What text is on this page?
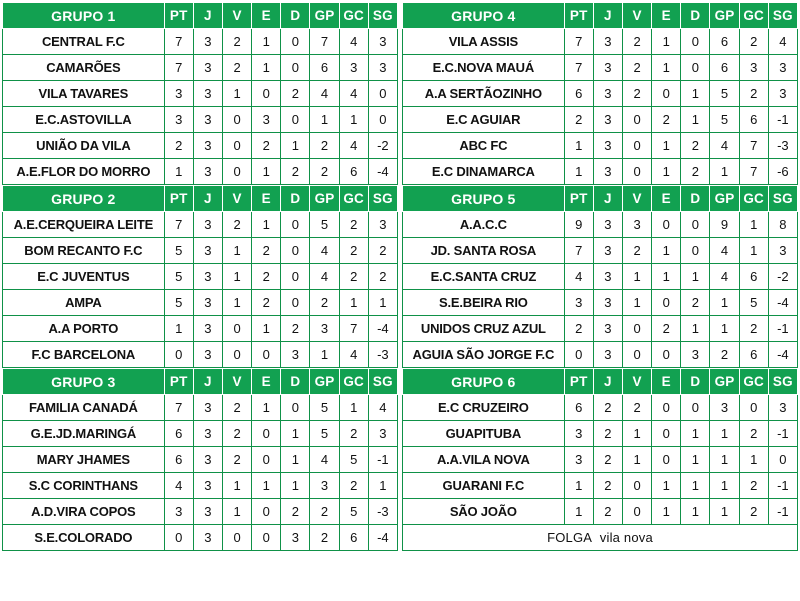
GRUPO 1	PT	J	V	E	D	GP	GC	SG
CENTRAL F.C	7	3	2	1	0	7	4	3
CAMARÕES	7	3	2	1	0	6	3	3
VILA TAVARES	3	3	1	0	2	4	4	0
E.C.ASTOVILLA	3	3	0	3	0	1	1	0
UNIÃO DA VILA	2	3	0	2	1	2	4	-2
A.E.FLOR DO MORRO	1	3	0	1	2	2	6	-4
GRUPO 2	PT	J	V	E	D	GP	GC	SG
A.E.CERQUEIRA LEITE	7	3	2	1	0	5	2	3
BOM RECANTO F.C	5	3	1	2	0	4	2	2
E.C JUVENTUS	5	3	1	2	0	4	2	2
AMPA	5	3	1	2	0	2	1	1
A.A PORTO	1	3	0	1	2	3	7	-4
F.C BARCELONA	0	3	0	0	3	1	4	-3
GRUPO 3	PT	J	V	E	D	GP	GC	SG
FAMILIA CANADÁ	7	3	2	1	0	5	1	4
G.E.JD.MARINGÁ	6	3	2	0	1	5	2	3
MARY JHAMES	6	3	2	0	1	4	5	-1
S.C CORINTHANS	4	3	1	1	1	3	2	1
A.D.VIRA COPOS	3	3	1	0	2	2	5	-3
S.E.COLORADO	0	3	0	0	3	2	6	-4
GRUPO 4	PT	J	V	E	D	GP	GC	SG
VILA ASSIS	7	3	2	1	0	6	2	4
E.C.NOVA MAUÁ	7	3	2	1	0	6	3	3
A.A SERTÃOZINHO	6	3	2	0	1	5	2	3
E.C AGUIAR	2	3	0	2	1	5	6	-1
ABC FC	1	3	0	1	2	4	7	-3
E.C DINAMARCA	1	3	0	1	2	1	7	-6
GRUPO 5	PT	J	V	E	D	GP	GC	SG
A.A.C.C	9	3	3	0	0	9	1	8
JD. SANTA ROSA	7	3	2	1	0	4	1	3
E.C.SANTA CRUZ	4	3	1	1	1	4	6	-2
S.E.BEIRA RIO	3	3	1	0	2	1	5	-4
UNIDOS CRUZ AZUL	2	3	0	2	1	1	2	-1
AGUIA SÃO JORGE F.C	0	3	0	0	3	2	6	-4
GRUPO 6	PT	J	V	E	D	GP	GC	SG
E.C CRUZEIRO	6	2	2	0	0	3	0	3
GUAPITUBA	3	2	1	0	1	1	2	-1
A.A.VILA NOVA	3	2	1	0	1	1	1	0
GUARANI F.C	1	2	0	1	1	1	2	-1
SÃO JOÃO	1	2	0	1	1	1	2	-1
FOLGA vila nova								
